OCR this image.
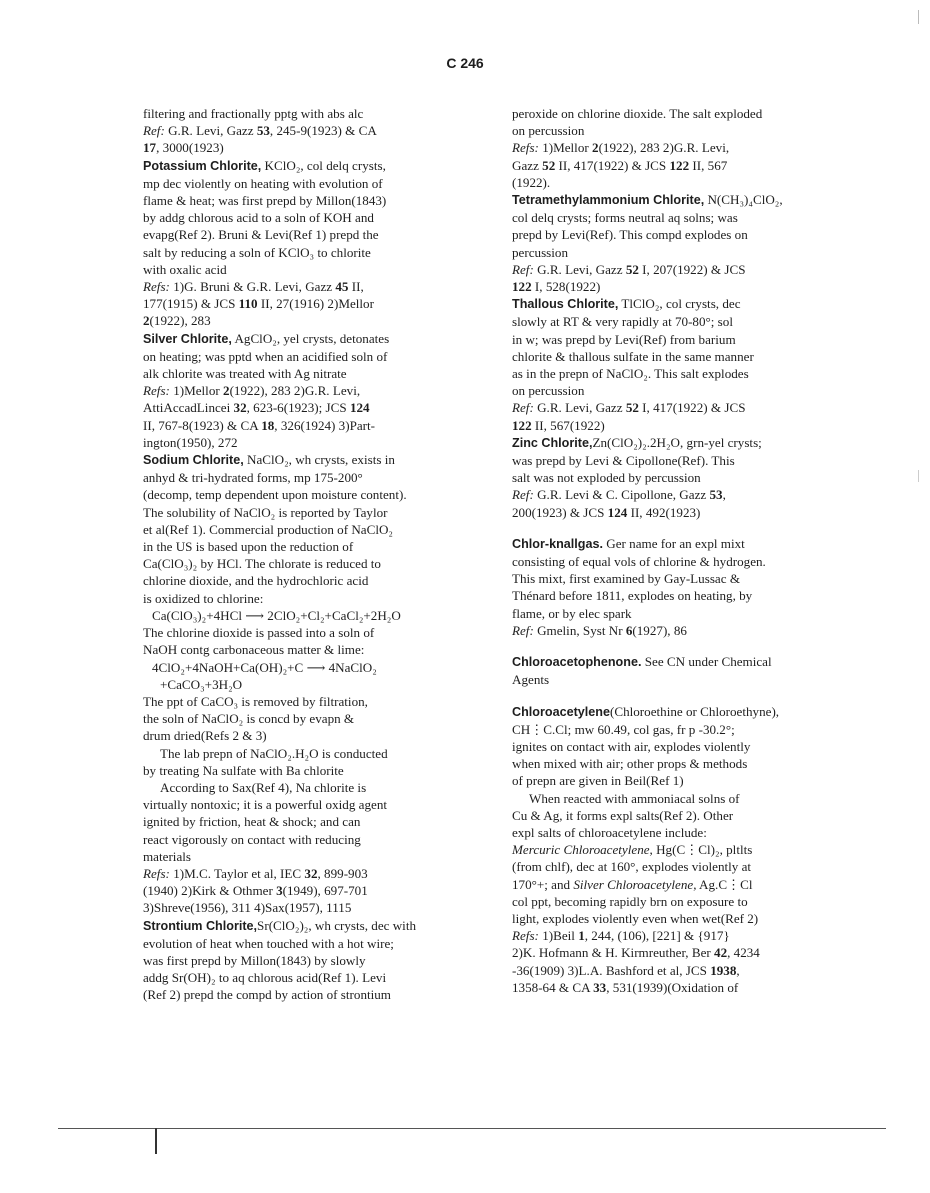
C 246

filtering and fractionally pptg with abs alc

Ref: G.R. Levi, Gazz 53, 245-9(1923) & CA

17, 3000(1923)

Potassium Chlorite, KClO₂, col delq crysts,

mp dec violently on heating with evolution of

flame & heat; was first prepd by Millon(1843)

by addg chlorous acid to a soln of KOH and

evapg(Ref 2). Bruni & Levi(Ref 1) prepd the

salt by reducing a soln of KClO₃ to chlorite

with oxalic acid

Refs: 1)G. Bruni & G.R. Levi, Gazz 45 II,

177(1915) & JCS 110 II, 27(1916) 2)Mellor

2(1922), 283

Silver Chlorite, AgClO₂, yel crysts, detonates

on heating; was pptd when an acidified soln of

alk chlorite was treated with Ag nitrate

Refs: 1)Mellor 2(1922), 283 2)G.R. Levi,

AttiAccadLincei 32, 623-6(1923); JCS 124

II, 767-8(1923) & CA 18, 326(1924) 3)Part-

ington(1950), 272

Sodium Chlorite, NaClO₂, wh crysts, exists in

anhyd & tri-hydrated forms, mp 175-200°

(decomp, temp dependent upon moisture content).

The solubility of NaClO₂ is reported by Taylor

et al(Ref 1). Commercial production of NaClO₂

in the US is based upon the reduction of

Ca(ClO₃)₂ by HCl. The chlorate is reduced to

chlorine dioxide, and the hydrochloric acid

is oxidized to chlorine:

Ca(ClO₃)₂+4HCl ⟶ 2ClO₂+Cl₂+CaCl₂+2H₂O

The chlorine dioxide is passed into a soln of

NaOH contg carbonaceous matter & lime:

4ClO₂+4NaOH+Ca(OH)₂+C ⟶ 4NaClO₂

+CaCO₃+3H₂O

The ppt of CaCO₃ is removed by filtration,

the soln of NaClO₂ is concd by evapn &

drum dried(Refs 2 & 3)

The lab prepn of NaClO₂.H₂O is conducted

by treating Na sulfate with Ba chlorite

According to Sax(Ref 4), Na chlorite is

virtually nontoxic; it is a powerful oxidg agent

ignited by friction, heat & shock; and can

react vigorously on contact with reducing

materials

Refs: 1)M.C. Taylor et al, IEC 32, 899-903

(1940) 2)Kirk & Othmer 3(1949), 697-701

3)Shreve(1956), 311 4)Sax(1957), 1115

Strontium Chlorite,Sr(ClO₂)₂, wh crysts, dec with

evolution of heat when touched with a hot wire;

was first prepd by Millon(1843) by slowly

addg Sr(OH)₂ to aq chlorous acid(Ref 1). Levi

(Ref 2) prepd the compd by action of strontium

peroxide on chlorine dioxide. The salt exploded

on percussion

Refs: 1)Mellor 2(1922), 283 2)G.R. Levi,

Gazz 52 II, 417(1922) & JCS 122 II, 567

(1922).

Tetramethylammonium Chlorite, N(CH₃)₄ClO₂,

col delq crysts; forms neutral aq solns; was

prepd by Levi(Ref). This compd explodes on

percussion

Ref: G.R. Levi, Gazz 52 I, 207(1922) & JCS

122 I, 528(1922)

Thallous Chlorite, TlClO₂, col crysts, dec

slowly at RT & very rapidly at 70-80°; sol

in w; was prepd by Levi(Ref) from barium

chlorite & thallous sulfate in the same manner

as in the prepn of NaClO₂. This salt explodes

on percussion

Ref: G.R. Levi, Gazz 52 I, 417(1922) & JCS

122 II, 567(1922)

Zinc Chlorite,Zn(ClO₂)₂.2H₂O, grn-yel crysts;

was prepd by Levi & Cipollone(Ref). This

salt was not exploded by percussion

Ref: G.R. Levi & C. Cipollone, Gazz 53,

200(1923) & JCS 124 II, 492(1923)

Chlor-knallgas. Ger name for an expl mixt

consisting of equal vols of chlorine & hydrogen.

This mixt, first examined by Gay-Lussac &

Thénard before 1811, explodes on heating, by

flame, or by elec spark

Ref: Gmelin, Syst Nr 6(1927), 86

Chloroacetophenone. See CN under Chemical

Agents

Chloroacetylene(Chloroethine or Chloroethyne),

CH⋮C.Cl; mw 60.49, col gas, fr p -30.2°;

ignites on contact with air, explodes violently

when mixed with air; other props & methods

of prepn are given in Beil(Ref 1)

When reacted with ammoniacal solns of

Cu & Ag, it forms expl salts(Ref 2). Other

expl salts of chloroacetylene include:

Mercuric Chloroacetylene, Hg(C⋮Cl)₂, pltlts

(from chlf), dec at 160°, explodes violently at

170°+; and Silver Chloroacetylene, Ag.C⋮Cl

col ppt, becoming rapidly brn on exposure to

light, explodes violently even when wet(Ref 2)

Refs: 1)Beil 1, 244, (106), [221] & {917}

2)K. Hofmann & H. Kirmreuther, Ber 42, 4234

-36(1909) 3)L.A. Bashford et al, JCS 1938,

1358-64 & CA 33, 531(1939)(Oxidation of
